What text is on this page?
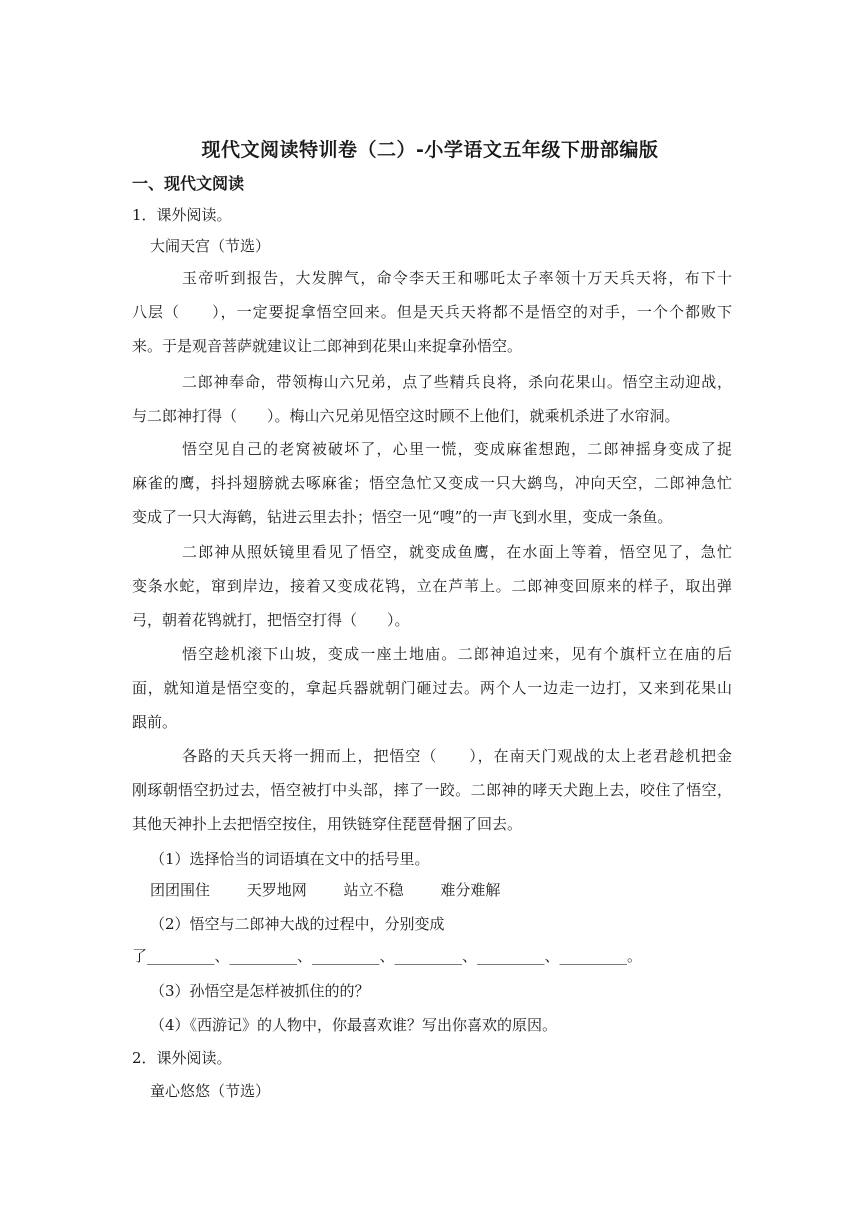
现代文阅读特训卷（二）-小学语文五年级下册部编版
一、现代文阅读
1．课外阅读。
大闹天宫（节选）
玉帝听到报告，大发脾气，命令李天王和哪吒太子率领十万天兵天将，布下十
八层（　　），一定要捉拿悟空回来。但是天兵天将都不是悟空的对手，一个个都败下
来。于是观音菩萨就建议让二郎神到花果山来捉拿孙悟空。
二郎神奉命，带领梅山六兄弟，点了些精兵良将，杀向花果山。悟空主动迎战，
与二郎神打得（　　）。梅山六兄弟见悟空这时顾不上他们，就乘机杀进了水帘洞。
悟空见自己的老窝被破坏了，心里一慌，变成麻雀想跑，二郎神摇身变成了捉
麻雀的鹰，抖抖翅膀就去啄麻雀；悟空急忙又变成一只大鹚鸟，冲向天空，二郎神急忙
变成了一只大海鹤，钻进云里去扑；悟空一见“嗖”的一声飞到水里，变成一条鱼。
二郎神从照妖镜里看见了悟空，就变成鱼鹰，在水面上等着，悟空见了，急忙
变条水蛇，窜到岸边，接着又变成花鸨，立在芦苇上。二郎神变回原来的样子，取出弹
弓，朝着花鸨就打，把悟空打得（　　）。
悟空趁机滚下山坡，变成一座土地庙。二郎神追过来，见有个旗杆立在庙的后
面，就知道是悟空变的，拿起兵器就朝门砸过去。两个人一边走一边打，又来到花果山
跟前。
各路的天兵天将一拥而上，把悟空（　　），在南天门观战的太上老君趁机把金
刚琢朝悟空扔过去，悟空被打中头部，摔了一跤。二郎神的哮天犬跑上去，咬住了悟空，
其他天神扑上去把悟空按住，用铁链穿住琵琶骨捆了回去。
（1）选择恰当的词语填在文中的括号里。
团团围住 天罗地网 站立不稳 难分难解
（2）悟空与二郎神大战的过程中，分别变成
了_________、_________、_________、_________、_________、_________。
（3）孙悟空是怎样被抓住的的？
（4）《西游记》的人物中，你最喜欢谁？写出你喜欢的原因。
2．课外阅读。
童心悠悠（节选）
